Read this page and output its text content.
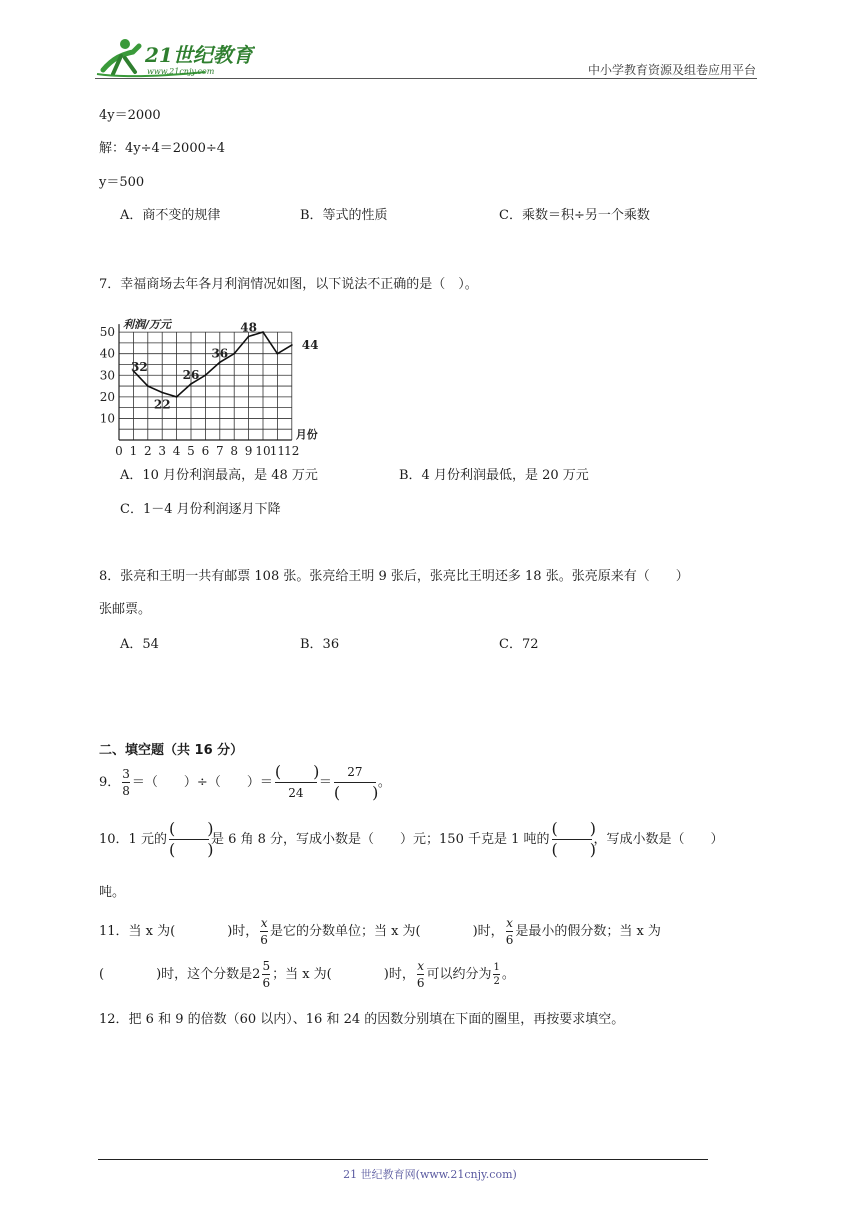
21世纪教育
www.21cnjy.com	中小学教育资源及组卷应用平台
4y＝2000
解：4y÷4＝2000÷4
y＝500
A．商不变的规律	B．等式的性质	C．乘数＝积÷另一个乘数
7．幸福商场去年各月利润情况如图，以下说法不正确的是（　）。
10
20
30
40
50
0 1 2 3 4 5 6 7 8 9 10 11 12
利润/万元
月份
32
22
26
36
48
44
A．10 月份利润最高，是 48 万元	B．4 月份利润最低，是 20 万元
C．1－4 月份利润逐月下降
8．张亮和王明一共有邮票 108 张。张亮给王明 9 张后，张亮比王明还多 18 张。张亮原来有（　　）
张邮票。
A．54	B．36	C．72
二、填空题（共 16 分）
9． $\frac{3}{8}$ ＝（　　）÷（　　）＝ $\frac{( )}{24} = \frac{27}{( )}$ 。
10．1 元的 $\frac{( )}{( )}$ 是 6 角 8 分，写成小数是（　　）元；150 千克是 1 吨的 $\frac{( )}{( )}$ ，写成小数是（　　）
吨。
11．当 x 为(　　　　)时， $\frac{x}{6}$ 是它的分数单位；当 x 为(　　　　)时， $\frac{x}{6}$ 是最小的假分数；当 x 为
(　　　　)时，这个分数是$2 \frac{5}{6}$ ；当 x 为(　　　　)时， $\frac{x}{6}$ 可以约分为 $\frac{1}{2}$ 。
12．把 6 和 9 的倍数（60 以内）、16 和 24 的因数分别填在下面的圈里，再按要求填空。
21 世纪教育网(www.21cnjy.com)
